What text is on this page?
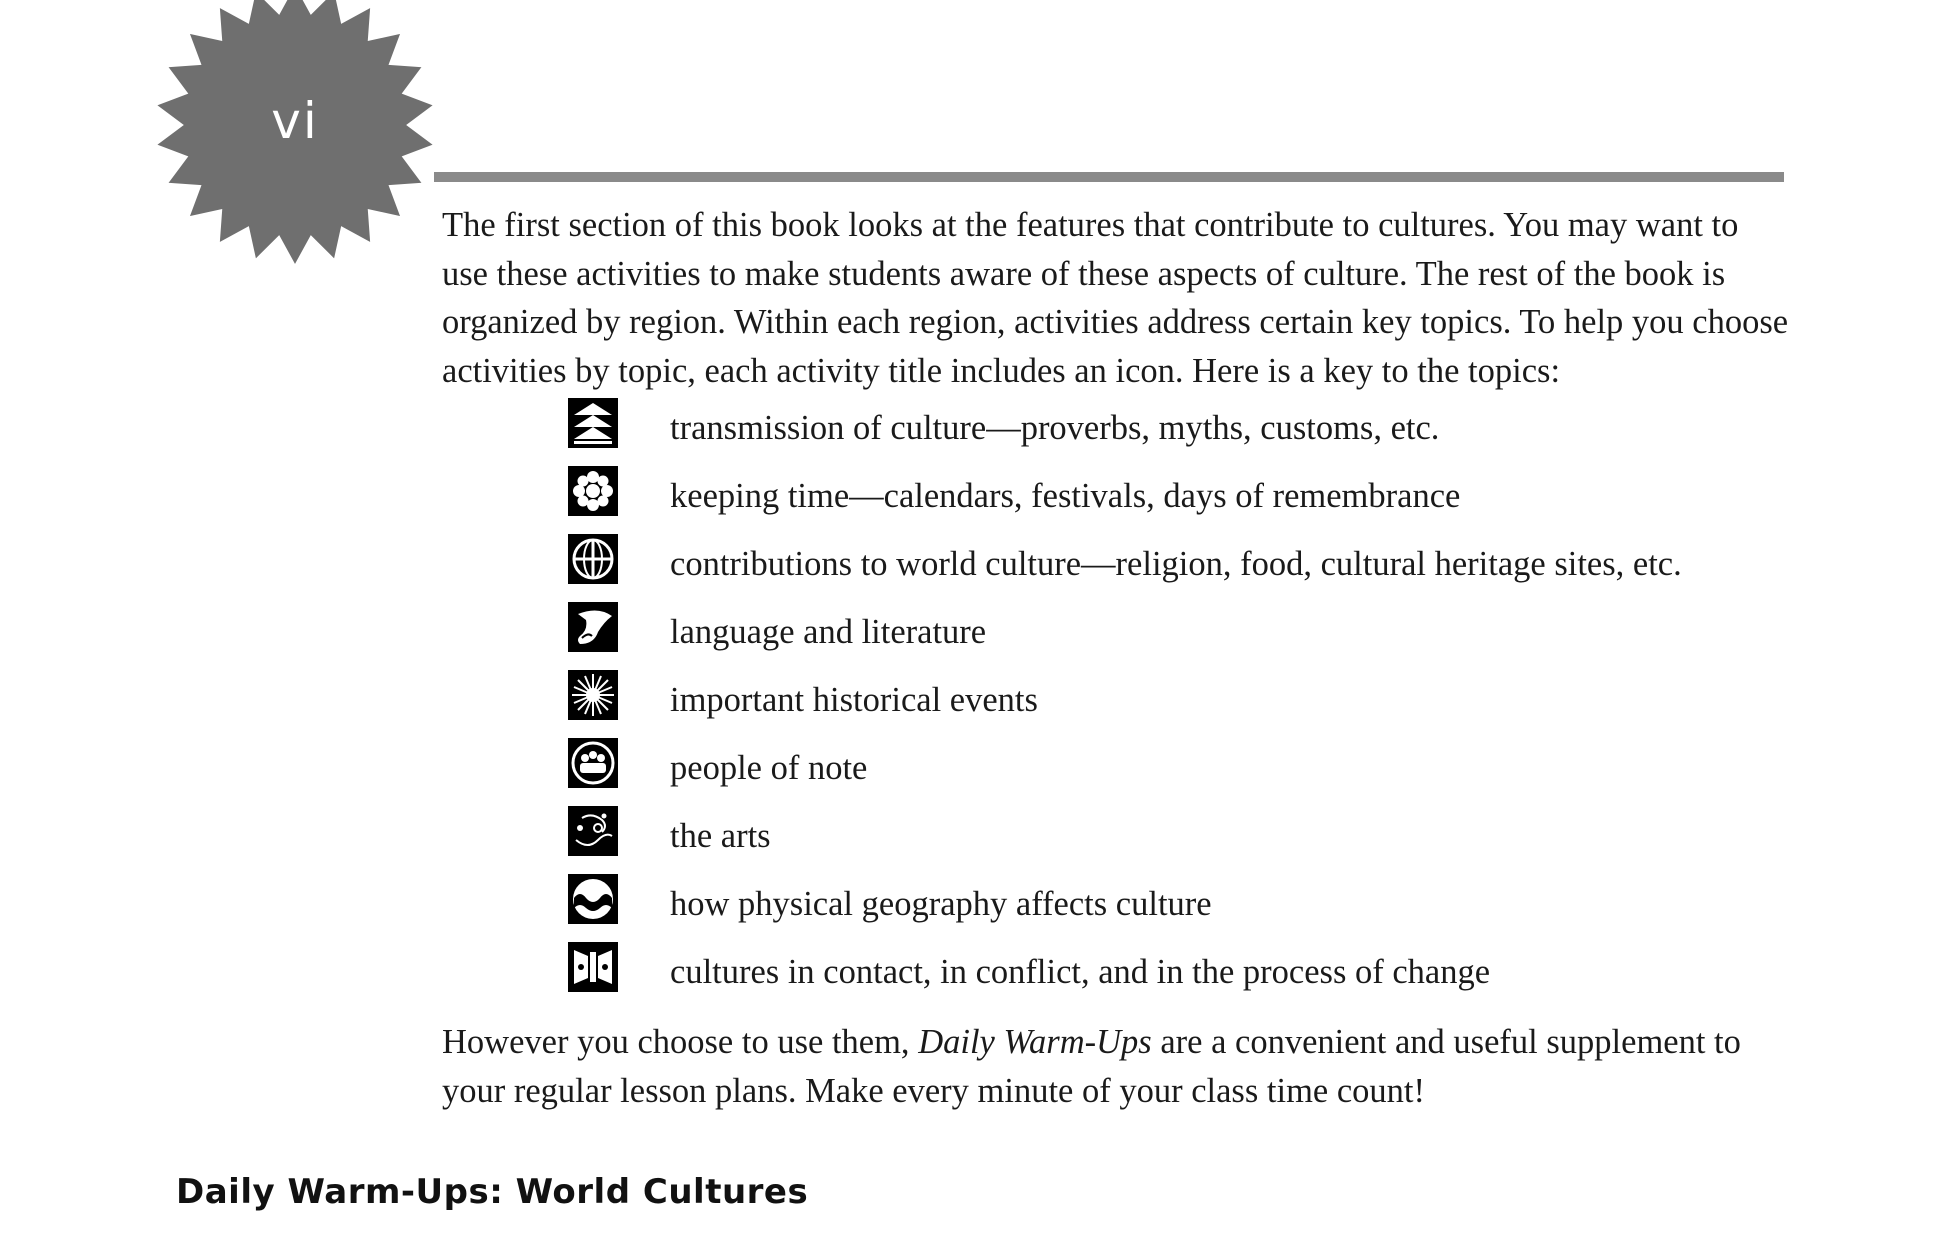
vi

The first section of this book looks at the features that contribute to cultures. You may want to use these activities to make students aware of these aspects of culture. The rest of the book is organized by region. Within each region, activities address certain key topics. To help you choose activities by topic, each activity title includes an icon. Here is a key to the topics:

transmission of culture—proverbs, myths, customs, etc.
keeping time—calendars, festivals, days of remembrance
contributions to world culture—religion, food, cultural heritage sites, etc.
language and literature
important historical events
people of note
the arts
how physical geography affects culture
cultures in contact, in conflict, and in the process of change

However you choose to use them, Daily Warm-Ups are a convenient and useful supplement to your regular lesson plans. Make every minute of your class time count!

Daily Warm-Ups: World Cultures
